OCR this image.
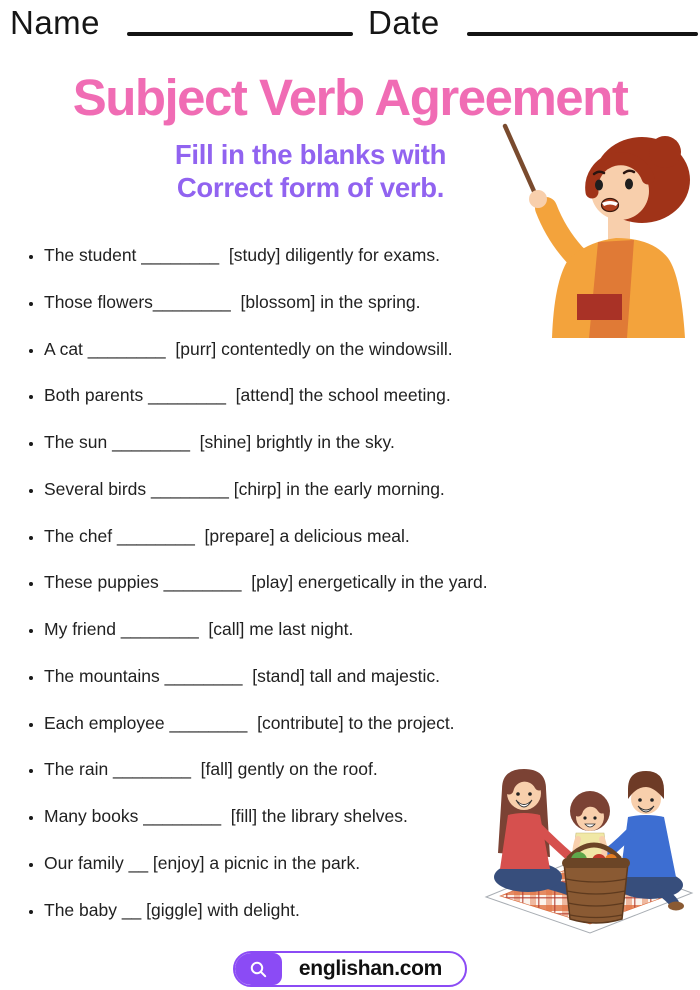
Name	Date
Subject Verb Agreement
Fill in the blanks with
Correct form of verb.
• The student ________  [study] diligently for exams.
• Those flowers________  [blossom] in the spring.
• A cat ________  [purr] contentedly on the windowsill.
• Both parents ________  [attend] the school meeting.
• The sun ________  [shine] brightly in the sky.
• Several birds ________ [chirp] in the early morning.
• The chef ________  [prepare] a delicious meal.
• These puppies ________  [play] energetically in the yard.
• My friend ________  [call] me last night.
• The mountains ________  [stand] tall and majestic.
• Each employee ________  [contribute] to the project.
• The rain ________  [fall] gently on the roof.
• Many books ________  [fill] the library shelves.
• Our family __ [enjoy] a picnic in the park.
• The baby __ [giggle] with delight.
englishan.com
